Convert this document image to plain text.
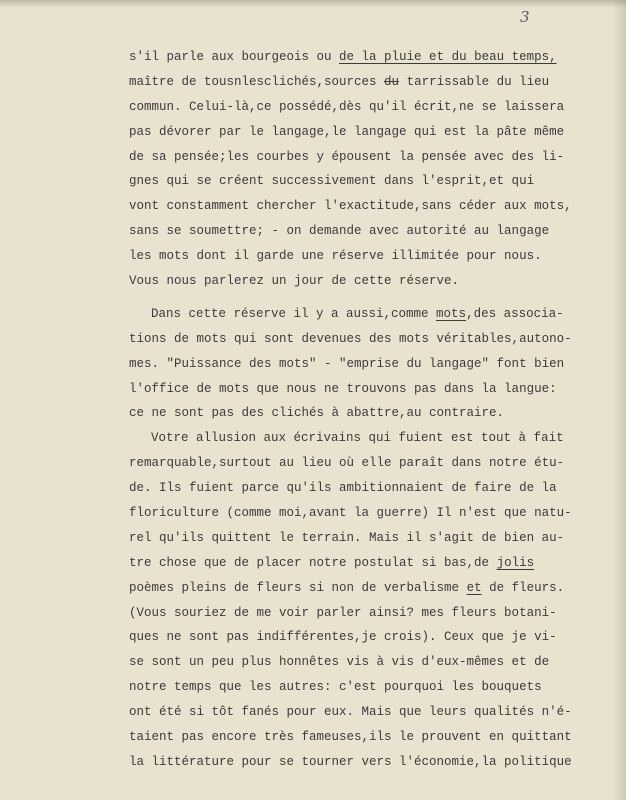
3
s'il parle aux bourgeois ou de la pluie et du beau temps,
maître de tousnlesclichés,sources du tarrissable du lieu
commun. Celui-là,ce possédé,dès qu'il écrit,ne se laissera
pas dévorer par le langage,le langage qui est la pâte même
de sa pensée;les courbes y épousent la pensée avec des li-
gnes qui se créent successivement dans l'esprit,et qui
vont constamment chercher l'exactitude,sans céder aux mots,
sans se soumettre; - on demande avec autorité au langage
les mots dont il garde une réserve illimitée pour nous.
Vous nous parlerez un jour de cette réserve.
Dans cette réserve il y a aussi,comme mots,des associa-
tions de mots qui sont devenues des mots véritables,autono-
mes. "Puissance des mots" - "emprise du langage" font bien
l'office de mots que nous ne trouvons pas dans la langue:
ce ne sont pas des clichés à abattre,au contraire.
Votre allusion aux écrivains qui fuient est tout à fait
remarquable,surtout au lieu où elle paraît dans notre étu-
de. Ils fuient parce qu'ils ambitionnaient de faire de la
floriculture (comme moi,avant la guerre) Il n'est que natu-
rel qu'ils quittent le terrain. Mais il s'agit de bien au-
tre chose que de placer notre postulat si bas,de jolis
poèmes pleins de fleurs si non de verbalisme et de fleurs.
(Vous souriez de me voir parler ainsi? mes fleurs botani-
ques ne sont pas indifférentes,je crois). Ceux que je vi-
se sont un peu plus honnêtes vis à vis d'eux-mêmes et de
notre temps que les autres: c'est pourquoi les bouquets
ont été si tôt fanés pour eux. Mais que leurs qualités n'é-
taient pas encore très fameuses,ils le prouvent en quittant
la littérature pour se tourner vers l'économie,la politique
